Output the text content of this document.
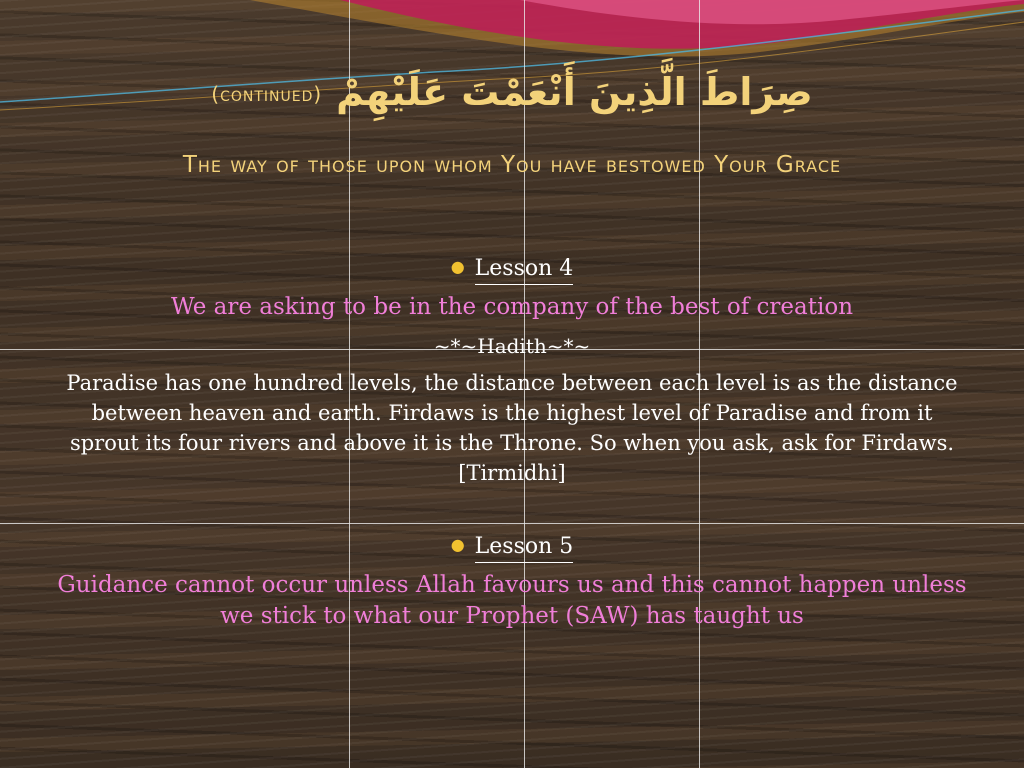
(continued) صِرَاطَ الَّذِينَ أَنْعَمْتَ عَلَيْهِمْ
The way of those upon whom You have bestowed Your Grace
● Lesson 4
We are asking to be in the company of the best of creation
~*~Hadith~*~
Paradise has one hundred levels, the distance between each level is as the distance between heaven and earth. Firdaws is the highest level of Paradise and from it sprout its four rivers and above it is the Throne. So when you ask, ask for Firdaws. [Tirmidhi]
● Lesson 5
Guidance cannot occur unless Allah favours us and this cannot happen unless we stick to what our Prophet (SAW) has taught us
